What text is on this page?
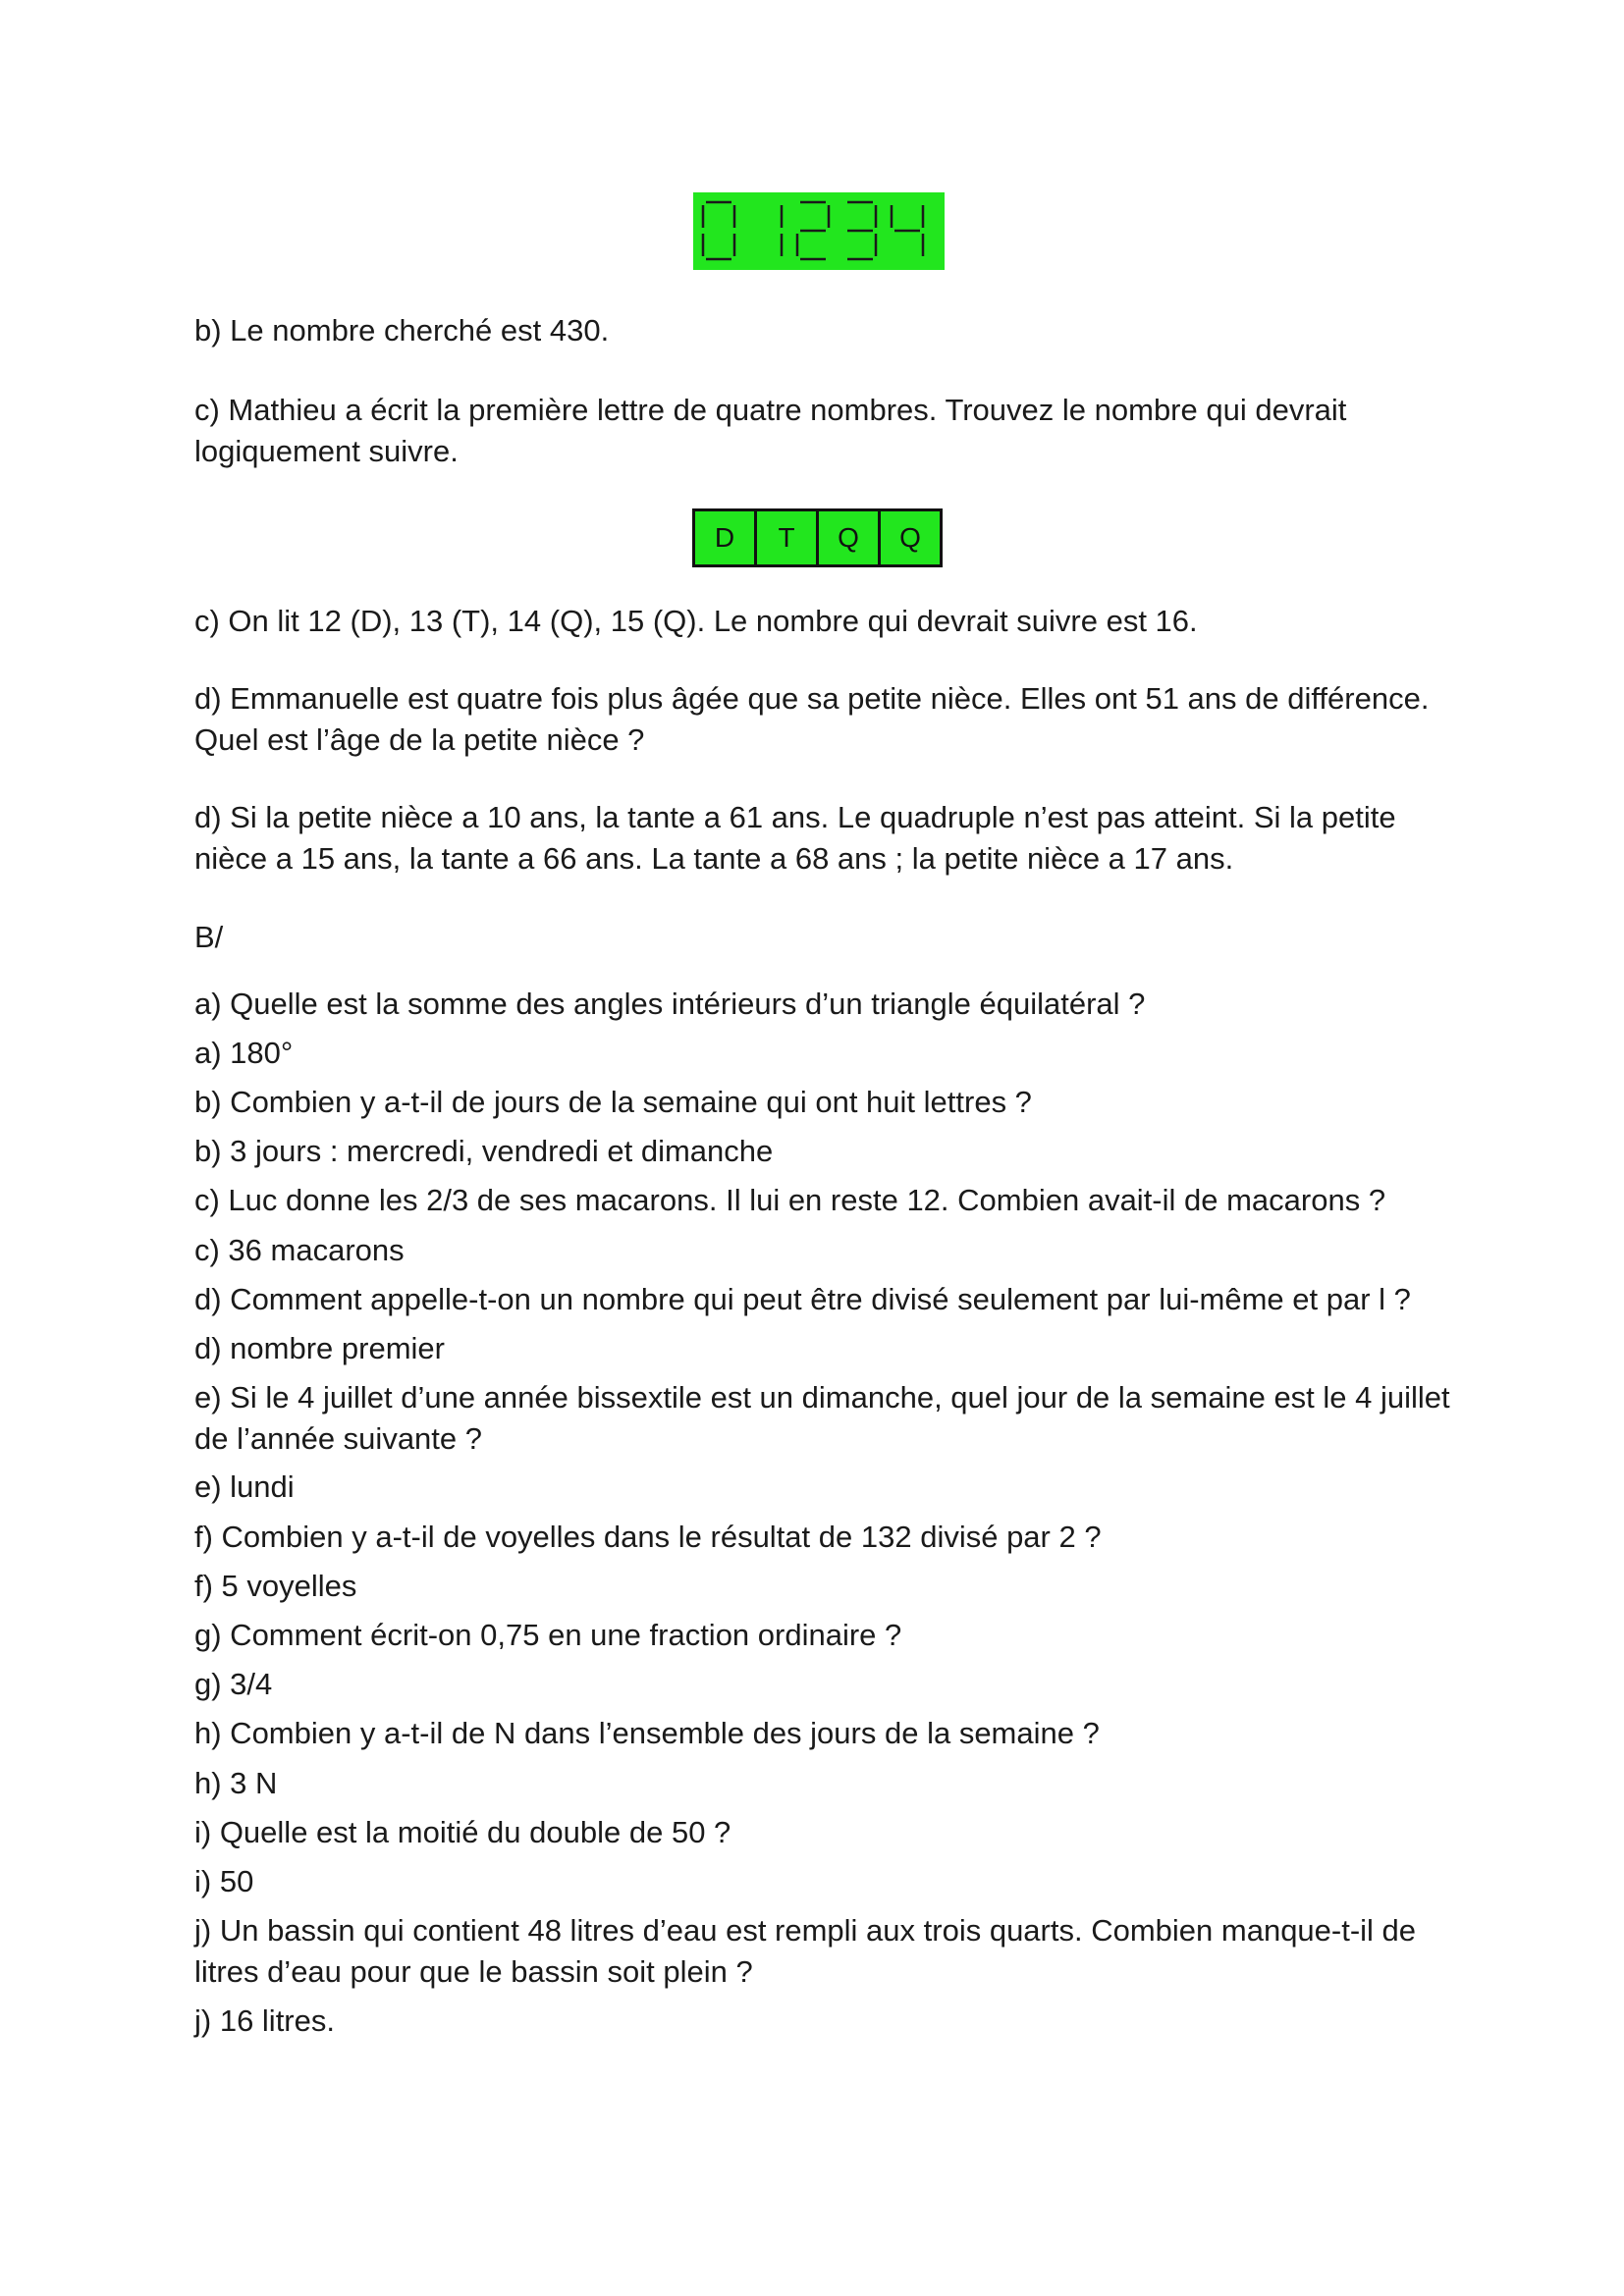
b) Le nombre cherché est 430.
c) Mathieu a écrit la première lettre de quatre nombres. Trouvez le nombre qui devrait logiquement suivre.
D	T	Q	Q
c) On lit 12 (D), 13 (T), 14 (Q), 15 (Q). Le nombre qui devrait suivre est 16.
d) Emmanuelle est quatre fois plus âgée que sa petite nièce. Elles ont 51 ans de différence. Quel est l’âge de la petite nièce ?
d) Si la petite nièce a 10 ans, la tante a 61 ans. Le quadruple n’est pas atteint. Si la petite nièce a 15 ans, la tante a 66 ans. La tante a 68 ans ; la petite nièce a 17 ans.
B/
a) Quelle est la somme des angles intérieurs d’un triangle équilatéral ?
a) 180°
b) Combien y a-t-il de jours de la semaine qui ont huit lettres ?
b) 3 jours : mercredi, vendredi et dimanche
c) Luc donne les 2/3 de ses macarons. Il lui en reste 12. Combien avait-il de macarons ?
c) 36 macarons
d) Comment appelle-t-on un nombre qui peut être divisé seulement par lui-même et par l ?
d) nombre premier
e) Si le 4 juillet d’une année bissextile est un dimanche, quel jour de la semaine est le 4 juillet de l’année suivante ?
e) lundi
f) Combien y a-t-il de voyelles dans le résultat de 132 divisé par 2 ?
f) 5 voyelles
g) Comment écrit-on 0,75 en une fraction ordinaire ?
g) 3/4
h) Combien y a-t-il de N dans l’ensemble des jours de la semaine ?
h) 3 N
i) Quelle est la moitié du double de 50 ?
i) 50
j) Un bassin qui contient 48 litres d’eau est rempli aux trois quarts. Combien manque-t-il de litres d’eau pour que le bassin soit plein ?
j) 16 litres.
